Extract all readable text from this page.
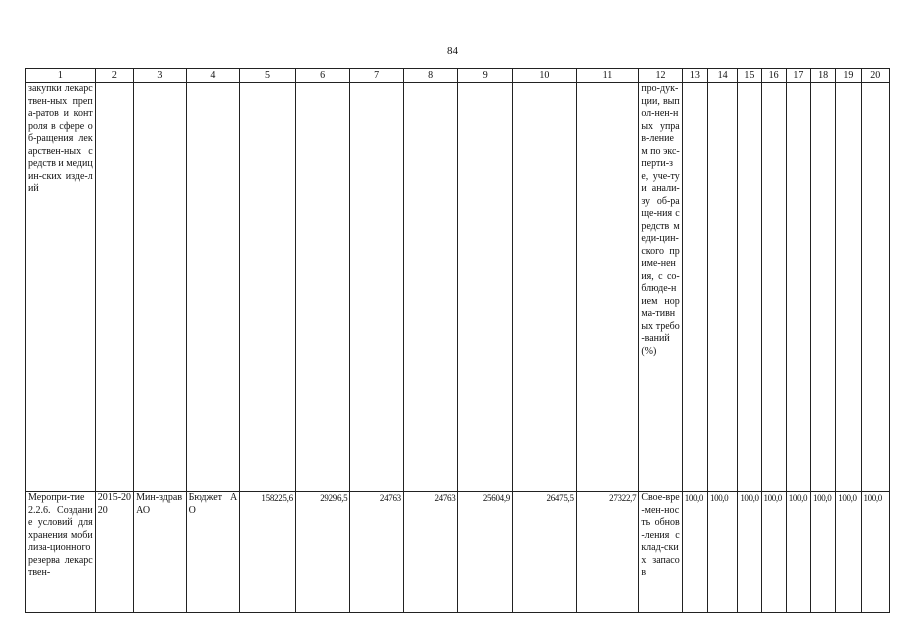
84
1	2	3	4	5	6	7	8	9	10	11	12	13	14	15	16	17	18	19	20

закупки лекарствен-ных препа-ратов и контроля в сфере об-ращения лекарствен-ных средств и медицин-ских изде-лий											про-дук-ции, выпол-нен-ных управ-лением по экс-перти-зе, уче-ту и анали-зу об-раще-ния средств меди-цин-ского приме-нения, с со-блюде-нием норма-тивных требо-ваний (%)								

Меропри-тие 2.2.6. Создание условий для хранения мобилиза-ционного резерва лекарствен-	2015-2020	Мин-здрав АО	Бюджет АО	158225,6	29296,5	24763	24763	25604,9	26475,5	27322,7	Свое-вре-мен-ность обнов-ления склад-ских запасов	100,0	100,0	100,0	100,0	100,0	100,0	100,0	100,0
